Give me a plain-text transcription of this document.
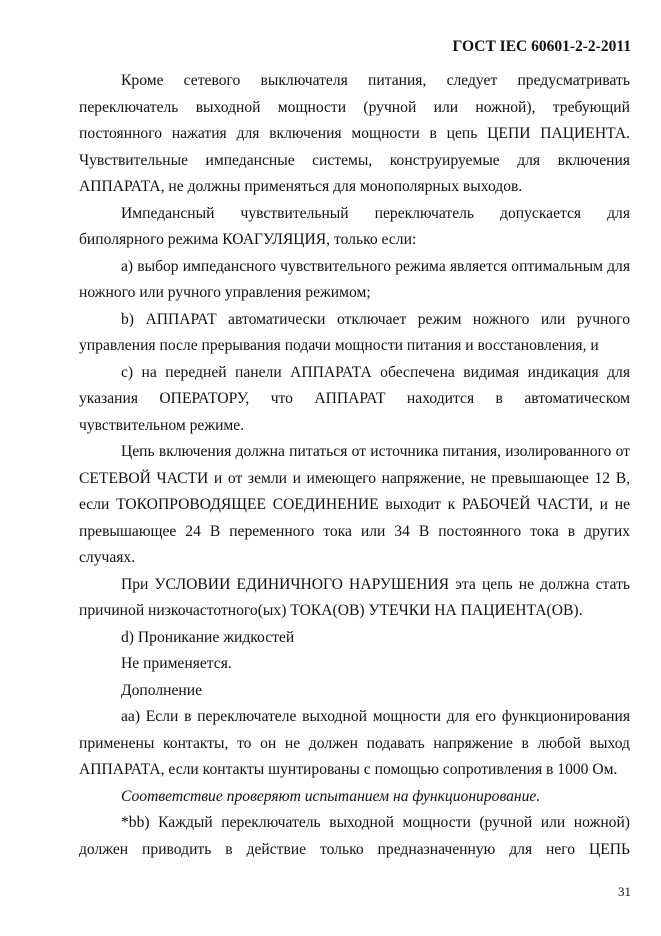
ГОСТ IEC 60601-2-2-2011

Кроме сетевого выключателя питания, следует предусматривать переключатель выходной мощности (ручной или ножной), требующий постоянного нажатия для включения мощности в цепь ЦЕПИ ПАЦИЕНТА. Чувствительные импедансные системы, конструируемые для включения АППАРАТА, не должны применяться для монополярных выходов.

Импедансный чувствительный переключатель допускается для биполярного режима КОАГУЛЯЦИЯ, только если:

a) выбор импедансного чувствительного режима является оптимальным для ножного или ручного управления режимом;

b) АППАРАТ автоматически отключает режим ножного или ручного управления после прерывания подачи мощности питания и восстановления, и

c) на передней панели АППАРАТА обеспечена видимая индикация для указания ОПЕРАТОРУ, что АППАРАТ находится в автоматическом чувствительном режиме.

Цепь включения должна питаться от источника питания, изолированного от СЕТЕВОЙ ЧАСТИ и от земли и имеющего напряжение, не превышающее 12 В, если ТОКОПРОВОДЯЩЕЕ СОЕДИНЕНИЕ выходит к РАБОЧЕЙ ЧАСТИ, и не превышающее 24 В переменного тока или 34 В постоянного тока в других случаях.

При УСЛОВИИ ЕДИНИЧНОГО НАРУШЕНИЯ эта цепь не должна стать причиной низкочастотного(ых) ТОКА(ОВ) УТЕЧКИ НА ПАЦИЕНТА(ОВ).

d) Проникание жидкостей

Не применяется.

Дополнение

aa) Если в переключателе выходной мощности для его функционирования применены контакты, то он не должен подавать напряжение в любой выход АППАРАТА, если контакты шунтированы с помощью сопротивления в 1000 Ом.

Соответствие проверяют испытанием на функционирование.

*bb) Каждый переключатель выходной мощности (ручной или ножной) должен приводить в действие только предназначенную для него ЦЕПЬ

31
